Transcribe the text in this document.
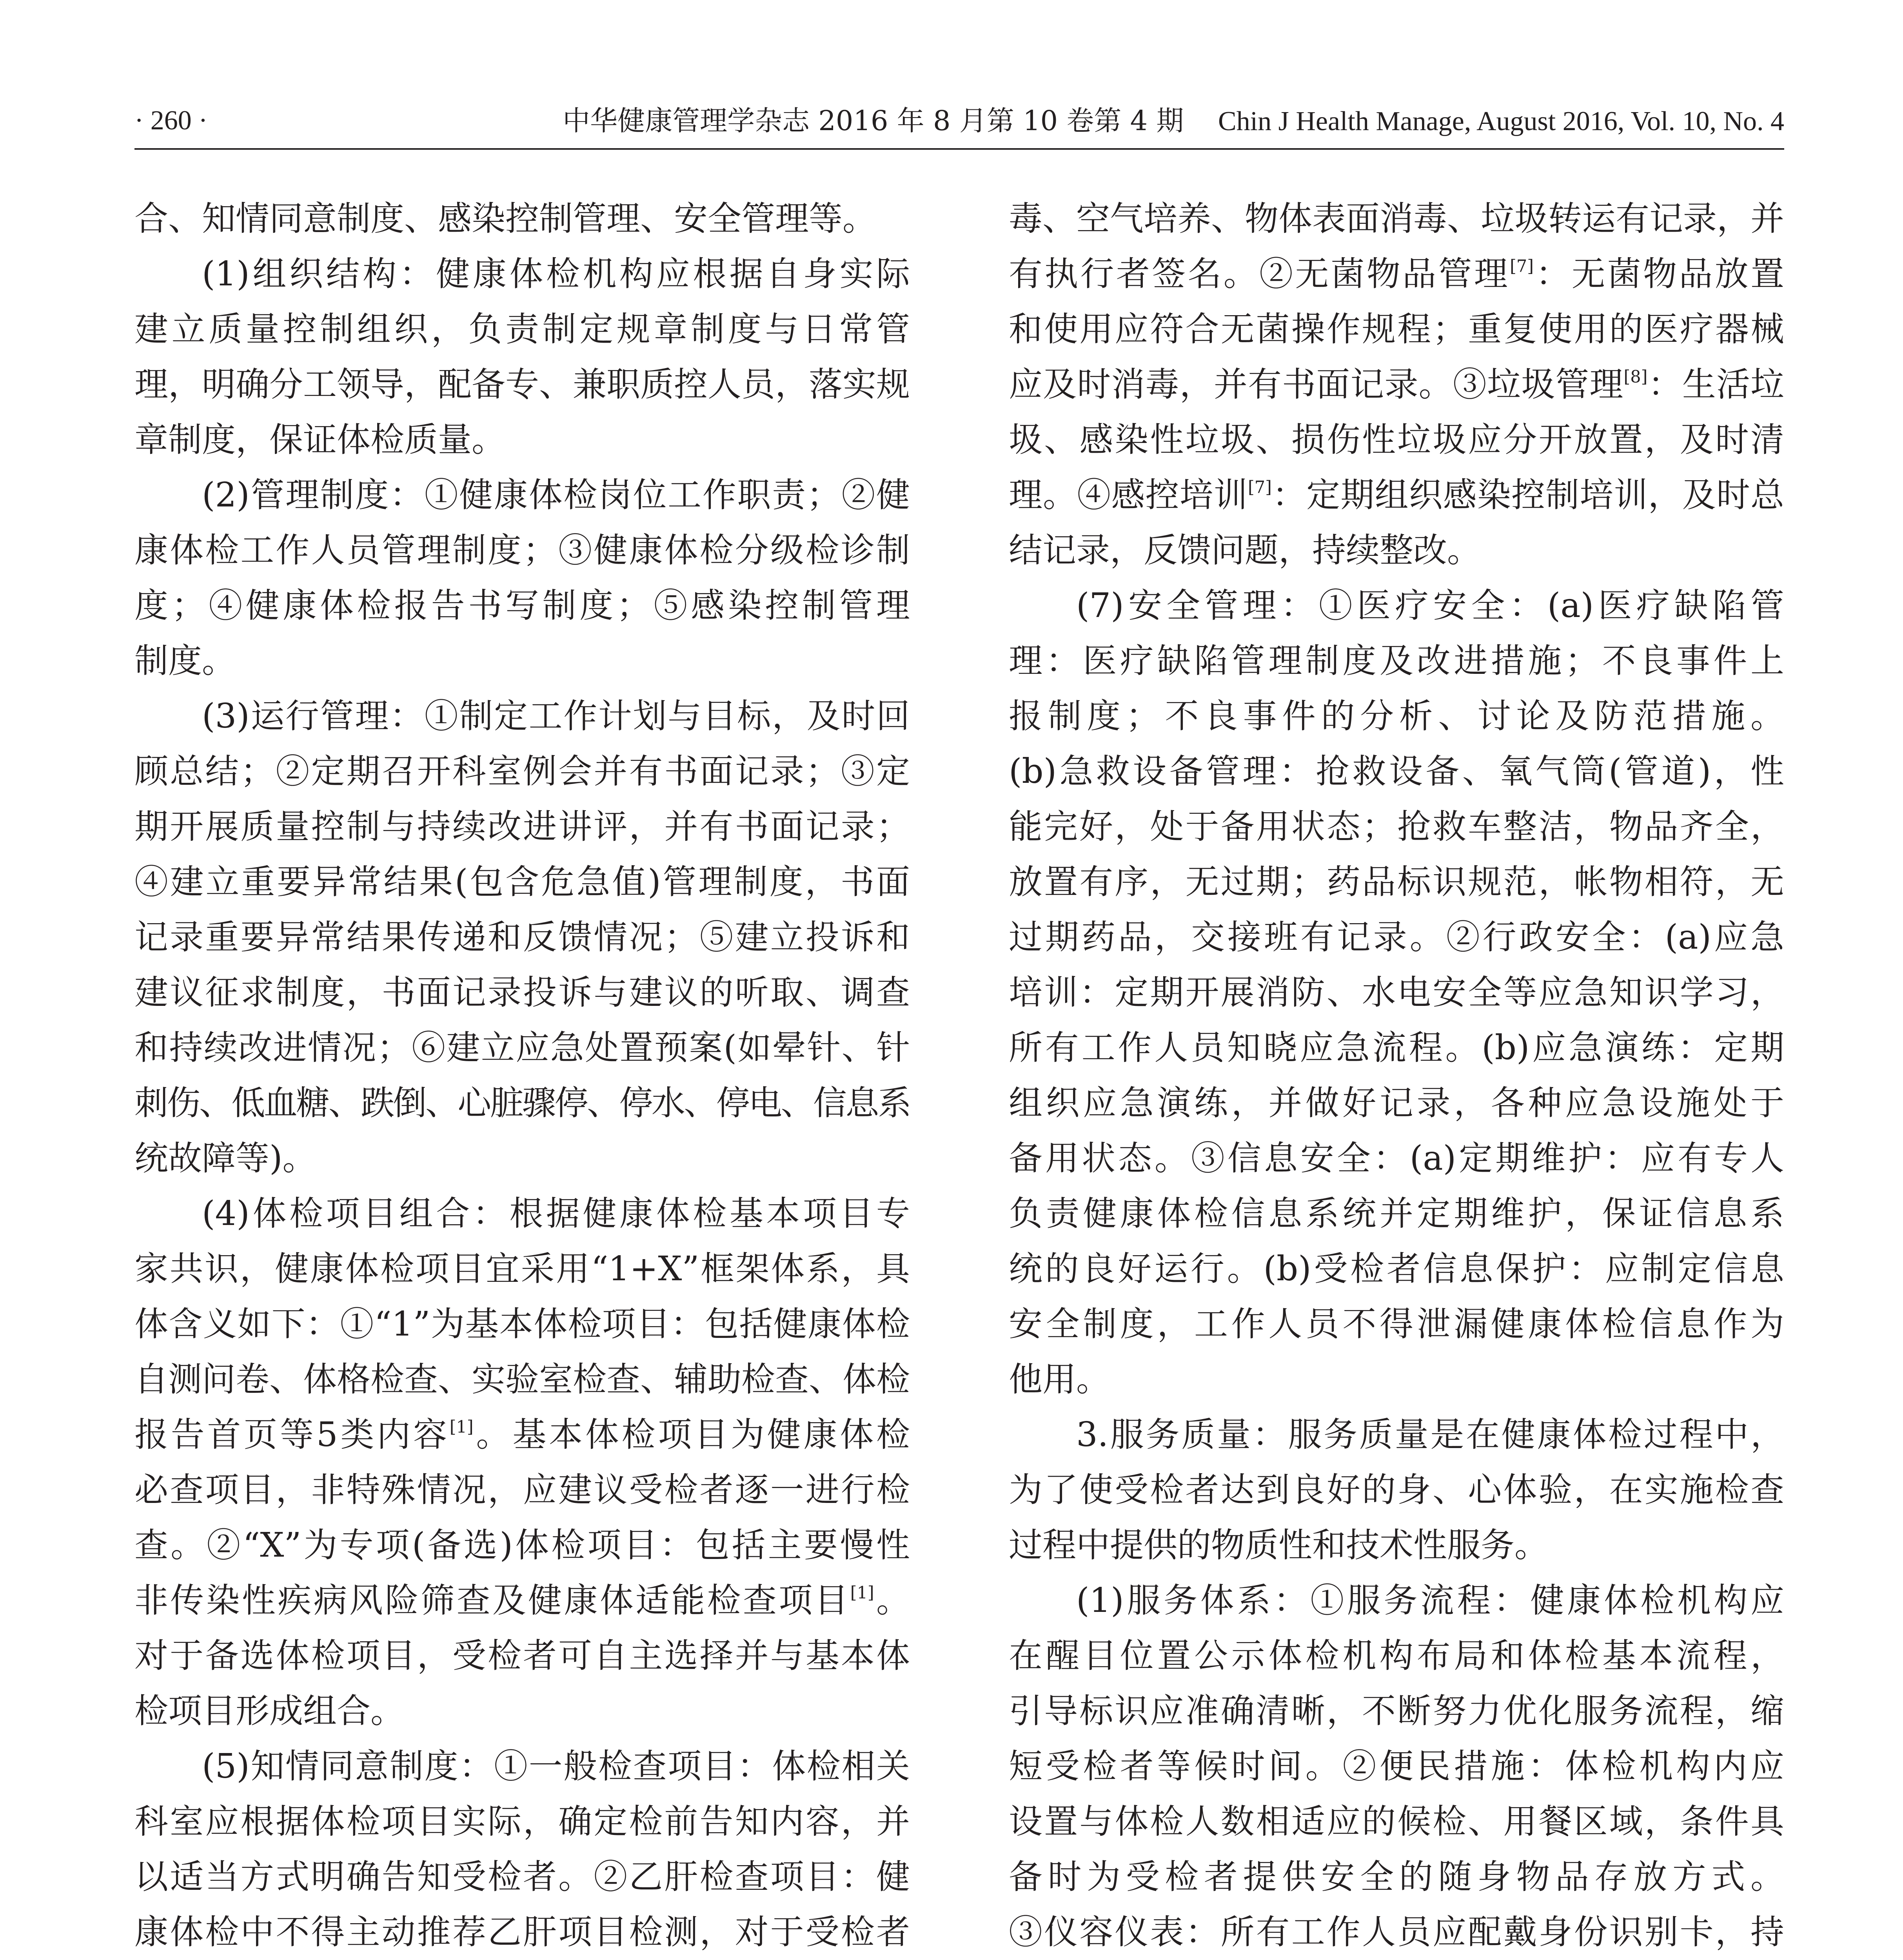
· 260 ·	中华健康管理学杂志 2016 年 8 月第 10 卷第 4 期 Chin J Health Manage, August 2016, Vol. 10, No. 4
合、知情同意制度、感染控制管理、安全管理等。
(1)组织结构：健康体检机构应根据自身实际
建立质量控制组织，负责制定规章制度与日常管
理，明确分工领导，配备专、兼职质控人员，落实规
章制度，保证体检质量。
(2)管理制度：①健康体检岗位工作职责；②健
康体检工作人员管理制度；③健康体检分级检诊制
度；④健康体检报告书写制度；⑤感染控制管理
制度。
(3)运行管理：①制定工作计划与目标，及时回
顾总结；②定期召开科室例会并有书面记录；③定
期开展质量控制与持续改进讲评，并有书面记录；
④建立重要异常结果(包含危急值)管理制度，书面
记录重要异常结果传递和反馈情况；⑤建立投诉和
建议征求制度，书面记录投诉与建议的听取、调查
和持续改进情况；⑥建立应急处置预案(如晕针、针
刺伤、低血糖、跌倒、心脏骤停、停水、停电、信息系
统故障等)。
(4)体检项目组合：根据健康体检基本项目专
家共识，健康体检项目宜采用“1+X”框架体系，具
体含义如下：①“1”为基本体检项目：包括健康体检
自测问卷、体格检查、实验室检查、辅助检查、体检
报告首页等5类内容[1]。基本体检项目为健康体检
必查项目，非特殊情况，应建议受检者逐一进行检
查。②“X”为专项(备选)体检项目：包括主要慢性
非传染性疾病风险筛查及健康体适能检查项目[1]。
对于备选体检项目，受检者可自主选择并与基本体
检项目形成组合。
(5)知情同意制度：①一般检查项目：体检相关
科室应根据体检项目实际，确定检前告知内容，并
以适当方式明确告知受检者。②乙肝检查项目：健
康体检中不得主动推荐乙肝项目检测，对于受检者
毒、空气培养、物体表面消毒、垃圾转运有记录，并
有执行者签名。②无菌物品管理[7]：无菌物品放置
和使用应符合无菌操作规程；重复使用的医疗器械
应及时消毒，并有书面记录。③垃圾管理[8]：生活垃
圾、感染性垃圾、损伤性垃圾应分开放置，及时清
理。④感控培训[7]：定期组织感染控制培训，及时总
结记录，反馈问题，持续整改。
(7)安全管理：①医疗安全：(a)医疗缺陷管
理：医疗缺陷管理制度及改进措施；不良事件上
报制度；不良事件的分析、讨论及防范措施。
(b)急救设备管理：抢救设备、氧气筒(管道)，性
能完好，处于备用状态；抢救车整洁，物品齐全，
放置有序，无过期；药品标识规范，帐物相符，无
过期药品，交接班有记录。②行政安全：(a)应急
培训：定期开展消防、水电安全等应急知识学习，
所有工作人员知晓应急流程。(b)应急演练：定期
组织应急演练，并做好记录，各种应急设施处于
备用状态。③信息安全：(a)定期维护：应有专人
负责健康体检信息系统并定期维护，保证信息系
统的良好运行。(b)受检者信息保护：应制定信息
安全制度，工作人员不得泄漏健康体检信息作为
他用。
3.服务质量：服务质量是在健康体检过程中，
为了使受检者达到良好的身、心体验，在实施检查
过程中提供的物质性和技术性服务。
(1)服务体系：①服务流程：健康体检机构应
在醒目位置公示体检机构布局和体检基本流程，
引导标识应准确清晰，不断努力优化服务流程，缩
短受检者等候时间。②便民措施：体检机构内应
设置与体检人数相适应的候检、用餐区域，条件具
备时为受检者提供安全的随身物品存放方式。
③仪容仪表：所有工作人员应配戴身份识别卡，持
